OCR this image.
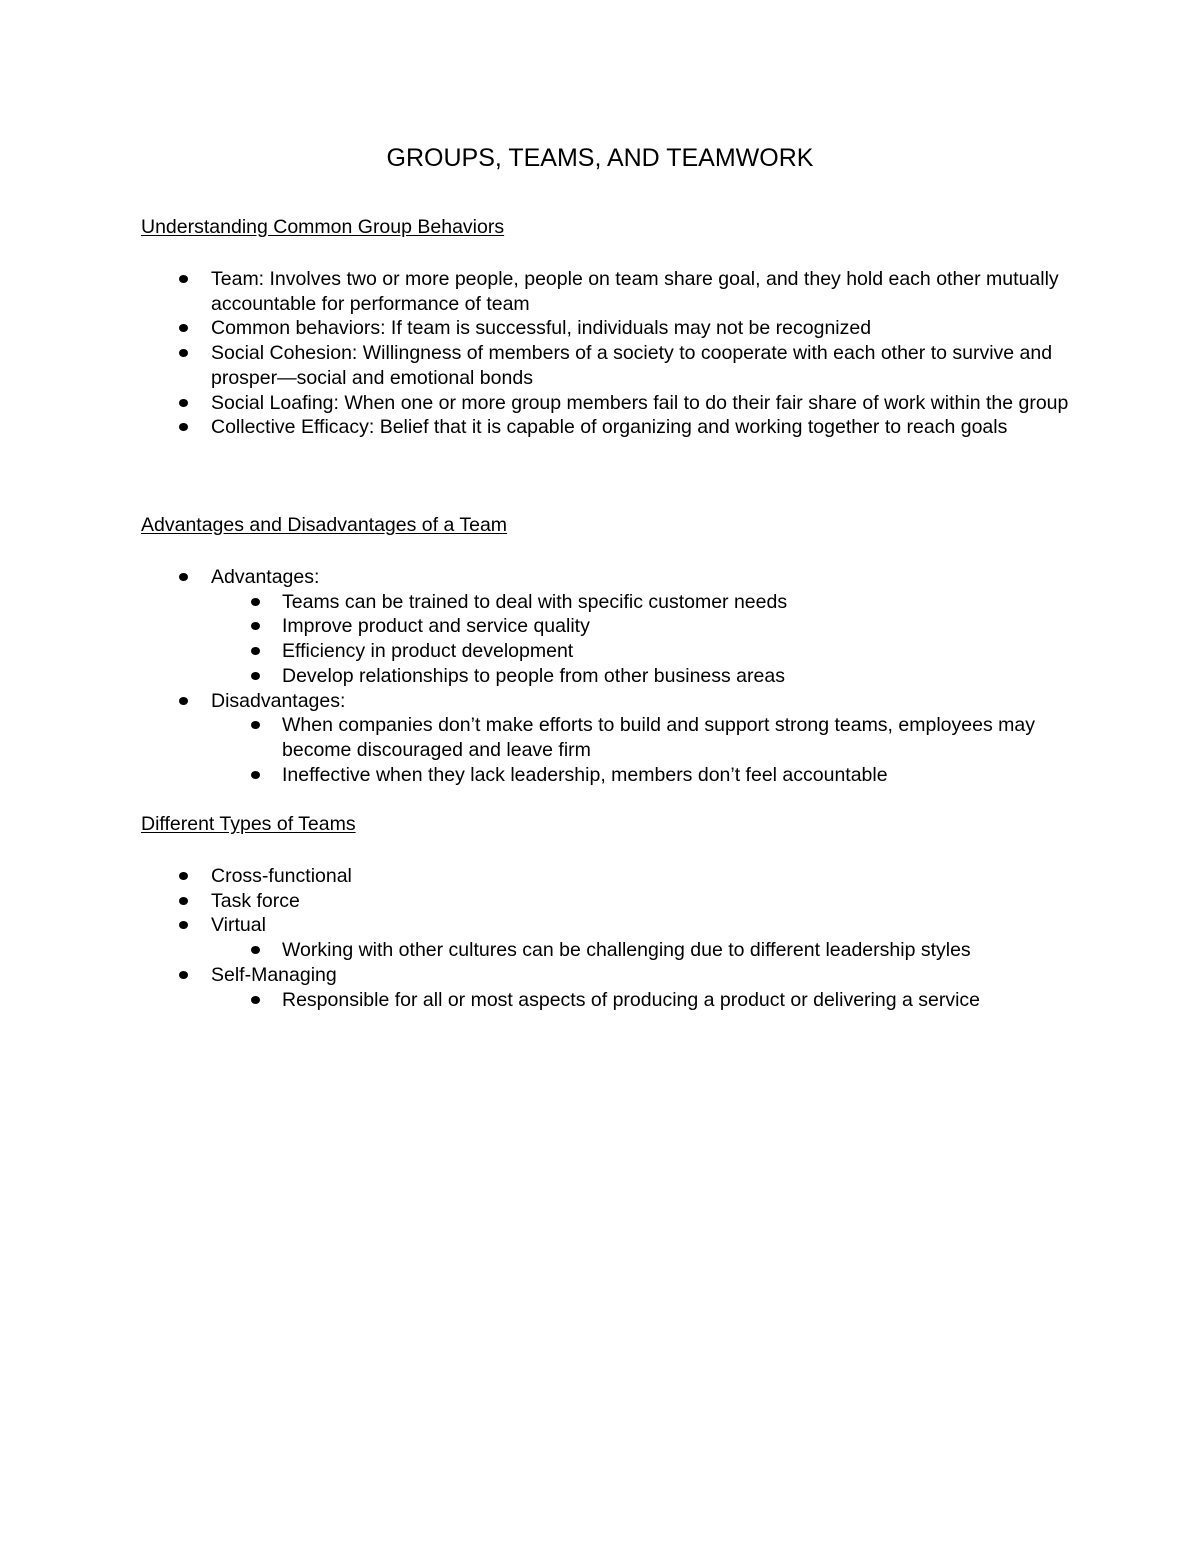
GROUPS, TEAMS, AND TEAMWORK
Understanding Common Group Behaviors
Team: Involves two or more people, people on team share goal, and they hold each other mutually accountable for performance of team
Common behaviors: If team is successful, individuals may not be recognized
Social Cohesion: Willingness of members of a society to cooperate with each other to survive and prosper—social and emotional bonds
Social Loafing: When one or more group members fail to do their fair share of work within the group
Collective Efficacy: Belief that it is capable of organizing and working together to reach goals
Advantages and Disadvantages of a Team
Advantages:
Teams can be trained to deal with specific customer needs
Improve product and service quality
Efficiency in product development
Develop relationships to people from other business areas
Disadvantages:
When companies don’t make efforts to build and support strong teams, employees may become discouraged and leave firm
Ineffective when they lack leadership, members don’t feel accountable
Different Types of Teams
Cross-functional
Task force
Virtual
Working with other cultures can be challenging due to different leadership styles
Self-Managing
Responsible for all or most aspects of producing a product or delivering a service
